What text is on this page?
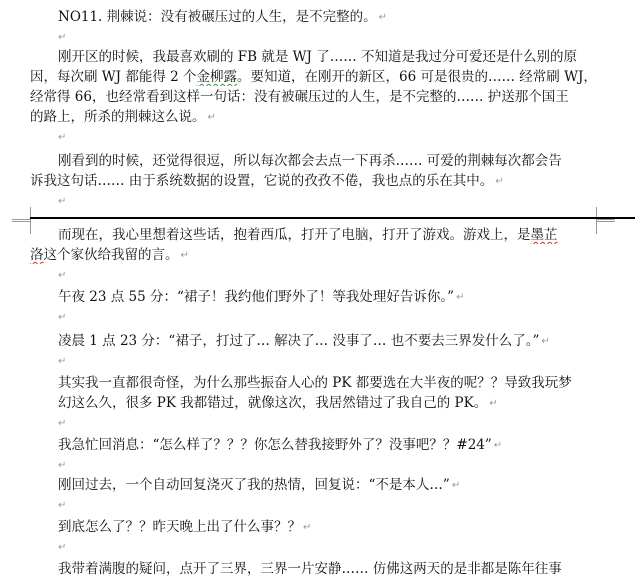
NO11. 荆棘说：没有被碾压过的人生，是不完整的。 ↵
↵
刚开区的时候，我最喜欢刷的 FB 就是 WJ 了…… 不知道是我过分可爱还是什么别的原
因，每次刷 WJ 都能得 2 个金柳露。要知道，在刚开的新区，66 可是很贵的…… 经常刷 WJ，
经常得 66，也经常看到这样一句话：没有被碾压过的人生，是不完整的…… 护送那个国王
的路上，所杀的荆棘这么说。 ↵
↵
刚看到的时候，还觉得很逗，所以每次都会去点一下再杀…… 可爱的荆棘每次都会告
诉我这句话…… 由于系统数据的设置，它说的孜孜不倦，我也点的乐在其中。 ↵
↵
而现在，我心里想着这些话，抱着西瓜，打开了电脑，打开了游戏。游戏上，是墨芷
洛这个家伙给我留的言。 ↵
↵
午夜 23 点 55 分：“裙子！我约他们野外了！等我处理好告诉你。” ↵
↵
凌晨 1 点 23 分：“裙子，打过了… 解决了… 没事了… 也不要去三界发什么了。” ↵
↵
其实我一直都很奇怪，为什么那些振奋人心的 PK 都要选在大半夜的呢？？导致我玩梦
幻这么久，很多 PK 我都错过，就像这次，我居然错过了我自己的 PK。 ↵
↵
我急忙回消息：“怎么样了？？？你怎么替我接野外了？没事吧？？#24” ↵
↵
刚回过去，一个自动回复浇灭了我的热情，回复说：“不是本人…” ↵
↵
到底怎么了？？昨天晚上出了什么事？？ ↵
↵
我带着满腹的疑问，点开了三界，三界一片安静…… 仿佛这两天的是非都是陈年往事
